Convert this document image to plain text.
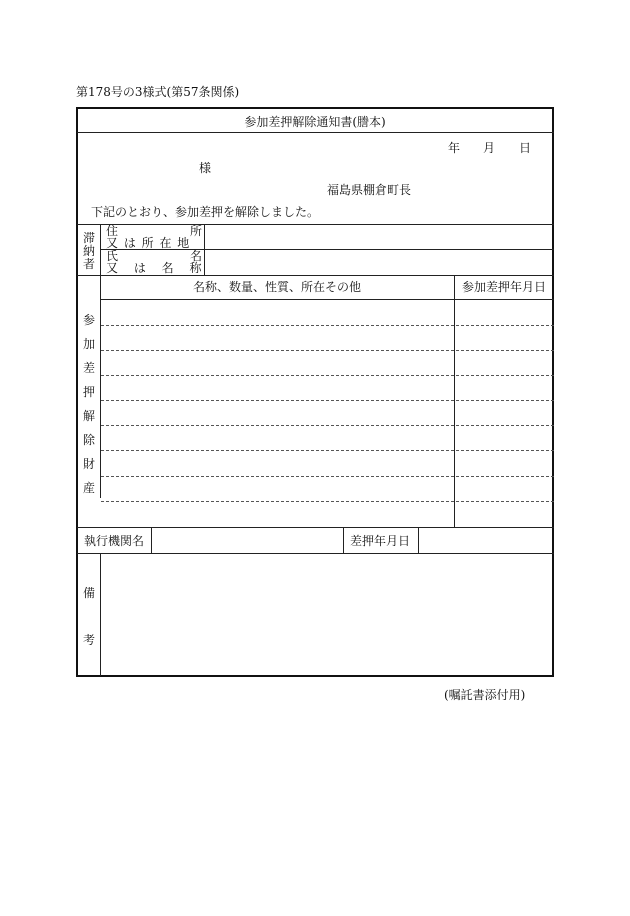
第178号の3様式(第57条関係)
参加差押解除通知書(謄本)
年 月 日
様
福島県棚倉町長
下記のとおり、参加差押を解除しました。
滞
納
者
住	所
又 は 所 在 地
氏	名
又 は 名 称
名称、数量、性質、所在その他	参加差押年月日
参
加
差
押
解
除
財
産
執行機関名	差押年月日
備
考
(嘱託書添付用)
